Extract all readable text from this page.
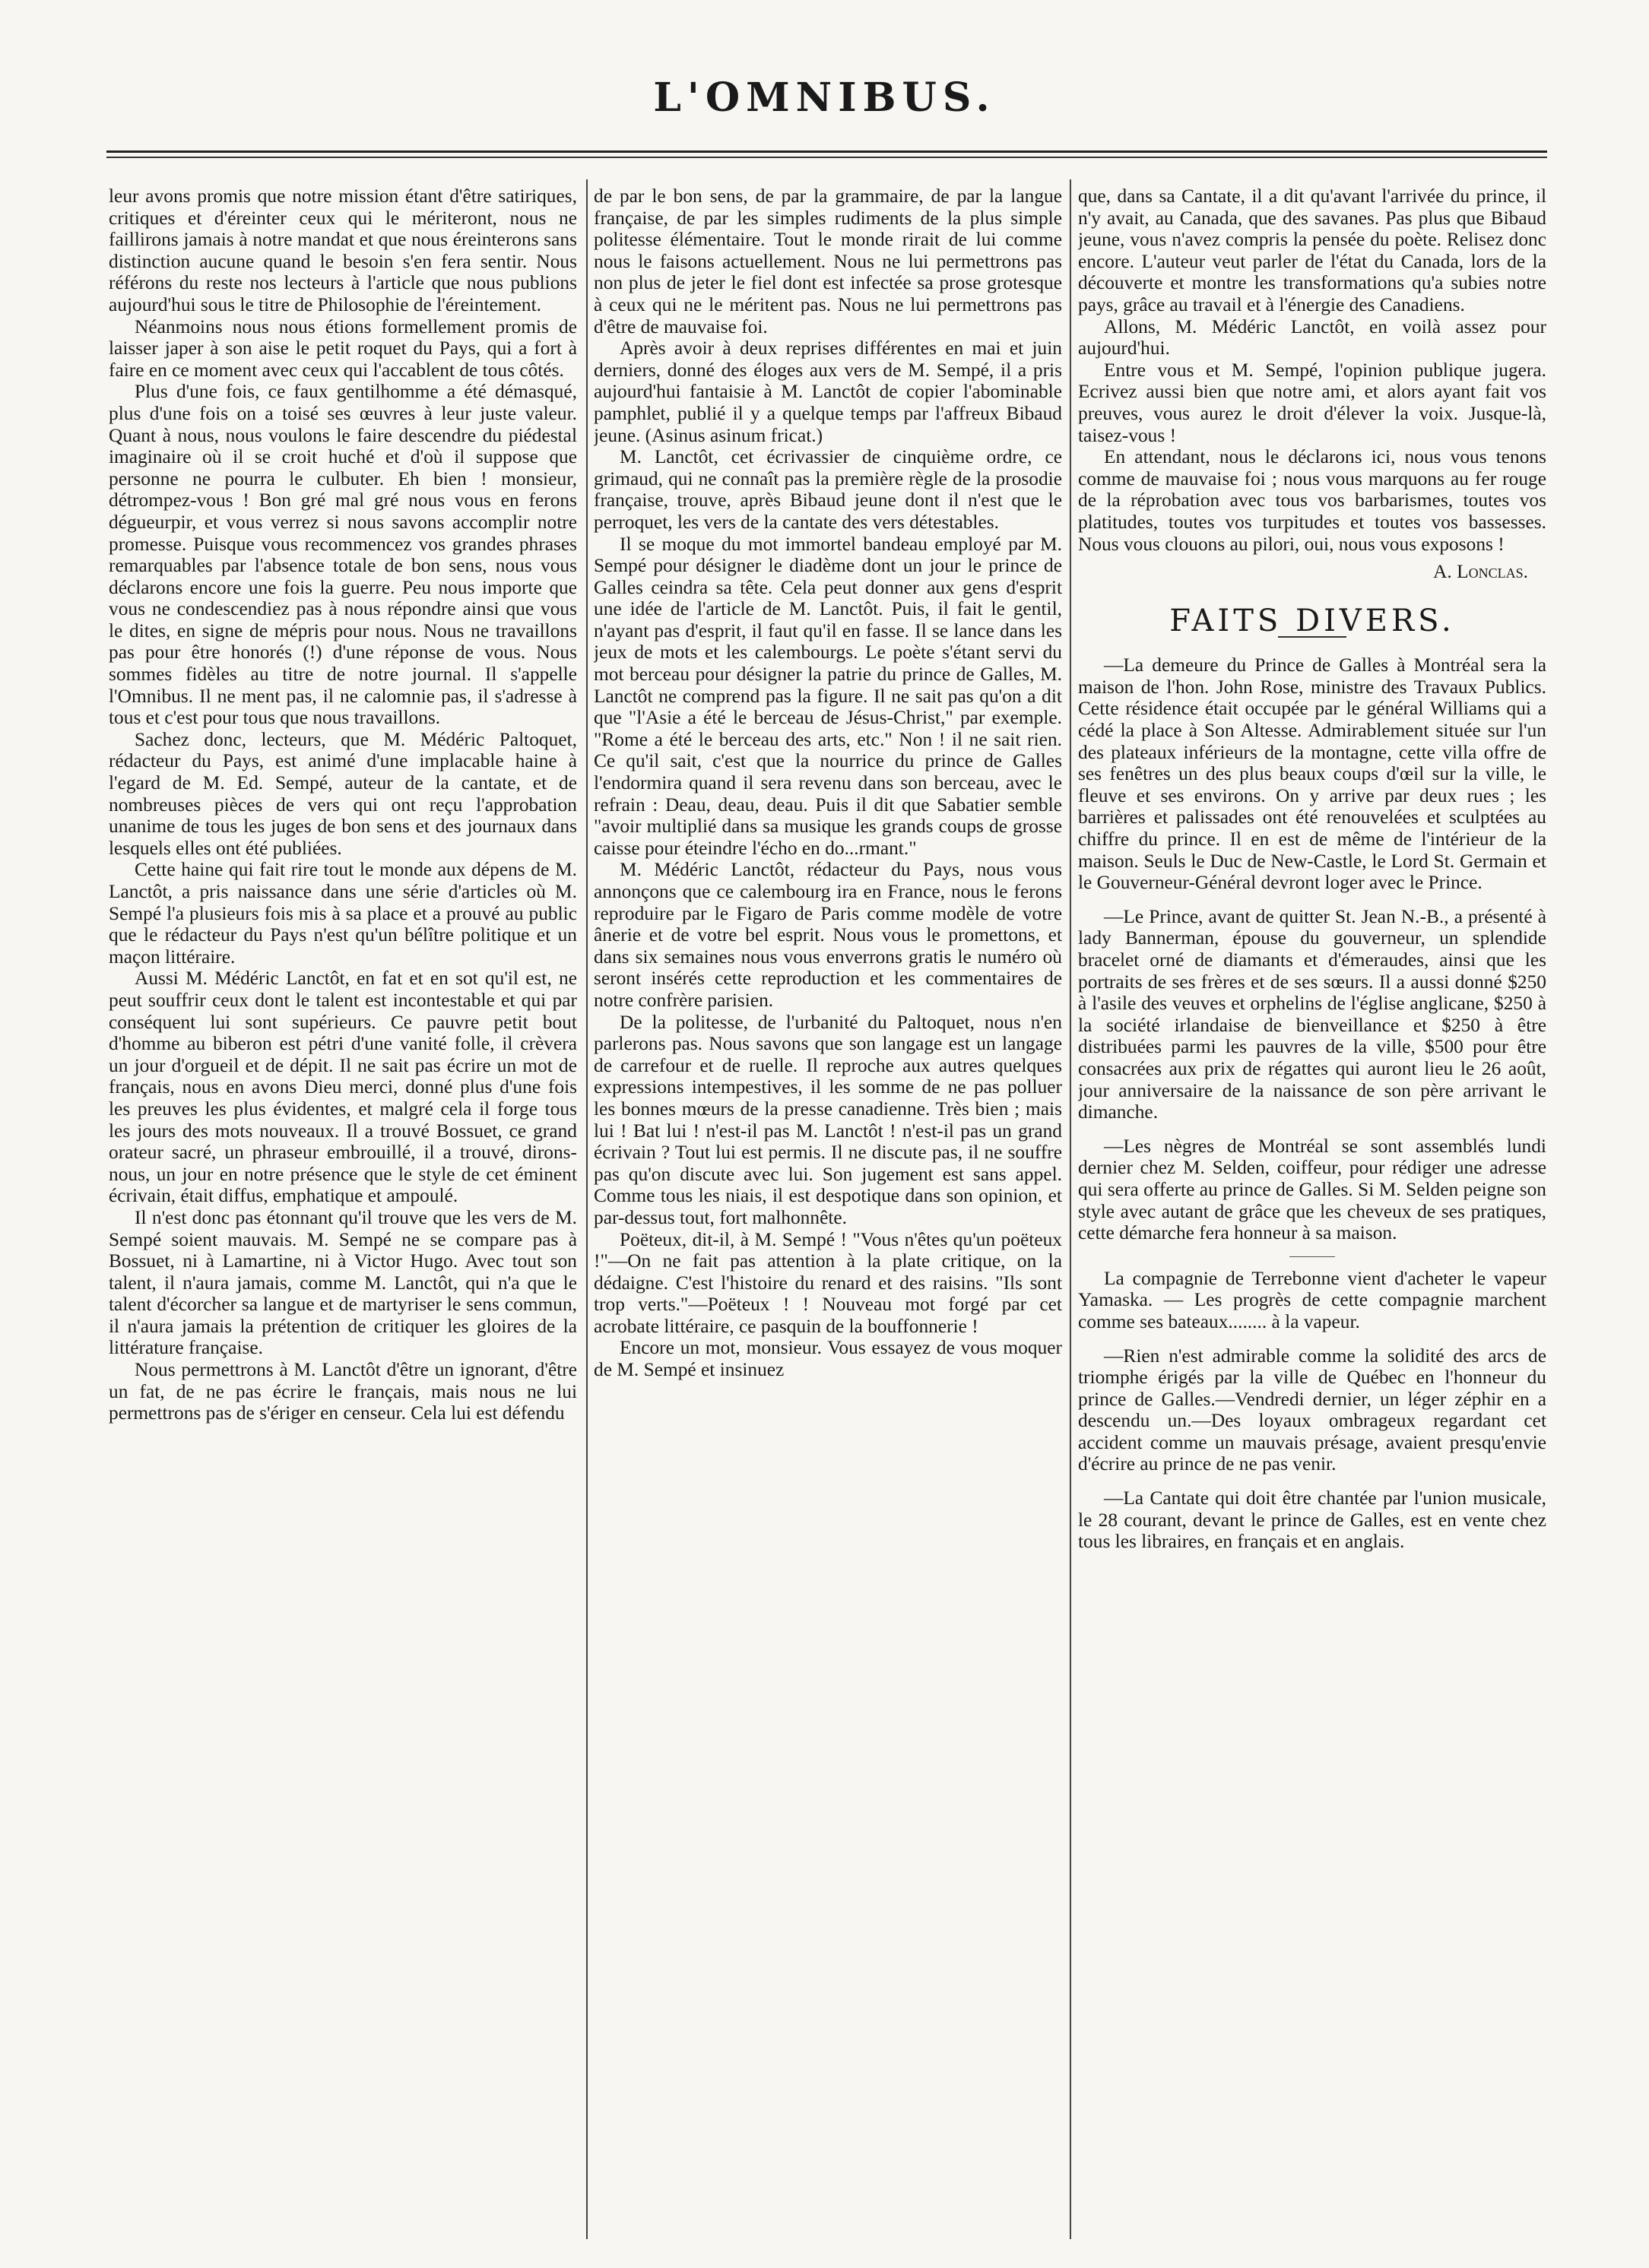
L'OMNIBUS.

leur avons promis que notre mission étant d'être satiriques, critiques et d'éreinter ceux qui le mériteront, nous ne faillirons jamais à notre mandat et que nous éreinterons sans distinction aucune quand le besoin s'en fera sentir. Nous référons du reste nos lecteurs à l'article que nous publions aujourd'hui sous le titre de Philosophie de l'éreintement.

Néanmoins nous nous étions formellement promis de laisser japer à son aise le petit roquet du Pays, qui a fort à faire en ce moment avec ceux qui l'accablent de tous côtés.

Plus d'une fois, ce faux gentilhomme a été démasqué, plus d'une fois on a toisé ses œuvres à leur juste valeur. Quant à nous, nous voulons le faire descendre du piédestal imaginaire où il se croit huché et d'où il suppose que personne ne pourra le culbuter. Eh bien ! monsieur, détrompez-vous ! Bon gré mal gré nous vous en ferons dégueurpir, et vous verrez si nous savons accomplir notre promesse. Puisque vous recommencez vos grandes phrases remarquables par l'absence totale de bon sens, nous vous déclarons encore une fois la guerre. Peu nous importe que vous ne condescendiez pas à nous répondre ainsi que vous le dites, en signe de mépris pour nous. Nous ne travaillons pas pour être honorés (!) d'une réponse de vous. Nous sommes fidèles au titre de notre journal. Il s'appelle l'Omnibus. Il ne ment pas, il ne calomnie pas, il s'adresse à tous et c'est pour tous que nous travaillons.

Sachez donc, lecteurs, que M. Médéric Paltoquet, rédacteur du Pays, est animé d'une implacable haine à l'egard de M. Ed. Sempé, auteur de la cantate, et de nombreuses pièces de vers qui ont reçu l'approbation unanime de tous les juges de bon sens et des journaux dans lesquels elles ont été publiées.

Cette haine qui fait rire tout le monde aux dépens de M. Lanctôt, a pris naissance dans une série d'articles où M. Sempé l'a plusieurs fois mis à sa place et a prouvé au public que le rédacteur du Pays n'est qu'un bélître politique et un maçon littéraire.

Aussi M. Médéric Lanctôt, en fat et en sot qu'il est, ne peut souffrir ceux dont le talent est incontestable et qui par conséquent lui sont supérieurs. Ce pauvre petit bout d'homme au biberon est pétri d'une vanité folle, il crèvera un jour d'orgueil et de dépit. Il ne sait pas écrire un mot de français, nous en avons Dieu merci, donné plus d'une fois les preuves les plus évidentes, et malgré cela il forge tous les jours des mots nouveaux. Il a trouvé Bossuet, ce grand orateur sacré, un phraseur embrouillé, il a trouvé, dirons-nous, un jour en notre présence que le style de cet éminent écrivain, était diffus, emphatique et ampoulé.

Il n'est donc pas étonnant qu'il trouve que les vers de M. Sempé soient mauvais. M. Sempé ne se compare pas à Bossuet, ni à Lamartine, ni à Victor Hugo. Avec tout son talent, il n'aura jamais, comme M. Lanctôt, qui n'a que le talent d'écorcher sa langue et de martyriser le sens commun, il n'aura jamais la prétention de critiquer les gloires de la littérature française.

Nous permettrons à M. Lanctôt d'être un ignorant, d'être un fat, de ne pas écrire le français, mais nous ne lui permettrons pas de s'ériger en censeur. Cela lui est défendu

de par le bon sens, de par la grammaire, de par la langue française, de par les simples rudiments de la plus simple politesse élémentaire. Tout le monde rirait de lui comme nous le faisons actuellement. Nous ne lui permettrons pas non plus de jeter le fiel dont est infectée sa prose grotesque à ceux qui ne le méritent pas. Nous ne lui permettrons pas d'être de mauvaise foi.

Après avoir à deux reprises différentes en mai et juin derniers, donné des éloges aux vers de M. Sempé, il a pris aujourd'hui fantaisie à M. Lanctôt de copier l'abominable pamphlet, publié il y a quelque temps par l'affreux Bibaud jeune. (Asinus asinum fricat.)

M. Lanctôt, cet écrivassier de cinquième ordre, ce grimaud, qui ne connaît pas la première règle de la prosodie française, trouve, après Bibaud jeune dont il n'est que le perroquet, les vers de la cantate des vers détestables.

Il se moque du mot immortel bandeau employé par M. Sempé pour désigner le diadème dont un jour le prince de Galles ceindra sa tête. Cela peut donner aux gens d'esprit une idée de l'article de M. Lanctôt. Puis, il fait le gentil, n'ayant pas d'esprit, il faut qu'il en fasse. Il se lance dans les jeux de mots et les calembourgs. Le poète s'étant servi du mot berceau pour désigner la patrie du prince de Galles, M. Lanctôt ne comprend pas la figure. Il ne sait pas qu'on a dit que "l'Asie a été le berceau de Jésus-Christ," par exemple. "Rome a été le berceau des arts, etc." Non ! il ne sait rien. Ce qu'il sait, c'est que la nourrice du prince de Galles l'endormira quand il sera revenu dans son berceau, avec le refrain : Deau, deau, deau. Puis il dit que Sabatier semble "avoir multiplié dans sa musique les grands coups de grosse caisse pour éteindre l'écho en do...rmant."

M. Médéric Lanctôt, rédacteur du Pays, nous vous annonçons que ce calembourg ira en France, nous le ferons reproduire par le Figaro de Paris comme modèle de votre ânerie et de votre bel esprit. Nous vous le promettons, et dans six semaines nous vous enverrons gratis le numéro où seront insérés cette reproduction et les commentaires de notre confrère parisien.

De la politesse, de l'urbanité du Paltoquet, nous n'en parlerons pas. Nous savons que son langage est un langage de carrefour et de ruelle. Il reproche aux autres quelques expressions intempestives, il les somme de ne pas polluer les bonnes mœurs de la presse canadienne. Très bien ; mais lui ! Bat lui ! n'est-il pas M. Lanctôt ! n'est-il pas un grand écrivain ? Tout lui est permis. Il ne discute pas, il ne souffre pas qu'on discute avec lui. Son jugement est sans appel. Comme tous les niais, il est despotique dans son opinion, et par-dessus tout, fort malhonnête.

Poëteux, dit-il, à M. Sempé ! "Vous n'êtes qu'un poëteux !"—On ne fait pas attention à la plate critique, on la dédaigne. C'est l'histoire du renard et des raisins. "Ils sont trop verts."—Poëteux ! ! Nouveau mot forgé par cet acrobate littéraire, ce pasquin de la bouffonnerie !

Encore un mot, monsieur. Vous essayez de vous moquer de M. Sempé et insinuez

que, dans sa Cantate, il a dit qu'avant l'arrivée du prince, il n'y avait, au Canada, que des savanes. Pas plus que Bibaud jeune, vous n'avez compris la pensée du poète. Relisez donc encore. L'auteur veut parler de l'état du Canada, lors de la découverte et montre les transformations qu'a subies notre pays, grâce au travail et à l'énergie des Canadiens.

Allons, M. Médéric Lanctôt, en voilà assez pour aujourd'hui.

Entre vous et M. Sempé, l'opinion publique jugera. Ecrivez aussi bien que notre ami, et alors ayant fait vos preuves, vous aurez le droit d'élever la voix. Jusque-là, taisez-vous !

En attendant, nous le déclarons ici, nous vous tenons comme de mauvaise foi ; nous vous marquons au fer rouge de la réprobation avec tous vos barbarismes, toutes vos platitudes, toutes vos turpitudes et toutes vos bassesses. Nous vous clouons au pilori, oui, nous vous exposons !

A. Lonclas.
FAITS DIVERS.

—La demeure du Prince de Galles à Montréal sera la maison de l'hon. John Rose, ministre des Travaux Publics. Cette résidence était occupée par le général Williams qui a cédé la place à Son Altesse. Admirablement située sur l'un des plateaux inférieurs de la montagne, cette villa offre de ses fenêtres un des plus beaux coups d'œil sur la ville, le fleuve et ses environs. On y arrive par deux rues ; les barrières et palissades ont été renouvelées et sculptées au chiffre du prince. Il en est de même de l'intérieur de la maison. Seuls le Duc de New-Castle, le Lord St. Germain et le Gouverneur-Général devront loger avec le Prince.

—Le Prince, avant de quitter St. Jean N.-B., a présenté à lady Bannerman, épouse du gouverneur, un splendide bracelet orné de diamants et d'émeraudes, ainsi que les portraits de ses frères et de ses sœurs. Il a aussi donné $250 à l'asile des veuves et orphelins de l'église anglicane, $250 à la société irlandaise de bienveillance et $250 à être distribuées parmi les pauvres de la ville, $500 pour être consacrées aux prix de régattes qui auront lieu le 26 août, jour anniversaire de la naissance de son père arrivant le dimanche.

—Les nègres de Montréal se sont assemblés lundi dernier chez M. Selden, coiffeur, pour rédiger une adresse qui sera offerte au prince de Galles. Si M. Selden peigne son style avec autant de grâce que les cheveux de ses pratiques, cette démarche fera honneur à sa maison.

La compagnie de Terrebonne vient d'acheter le vapeur Yamaska. — Les progrès de cette compagnie marchent comme ses bateaux........ à la vapeur.

—Rien n'est admirable comme la solidité des arcs de triomphe érigés par la ville de Québec en l'honneur du prince de Galles.—Vendredi dernier, un léger zéphir en a descendu un.—Des loyaux ombrageux regardant cet accident comme un mauvais présage, avaient presqu'envie d'écrire au prince de ne pas venir.

—La Cantate qui doit être chantée par l'union musicale, le 28 courant, devant le prince de Galles, est en vente chez tous les libraires, en français et en anglais.
